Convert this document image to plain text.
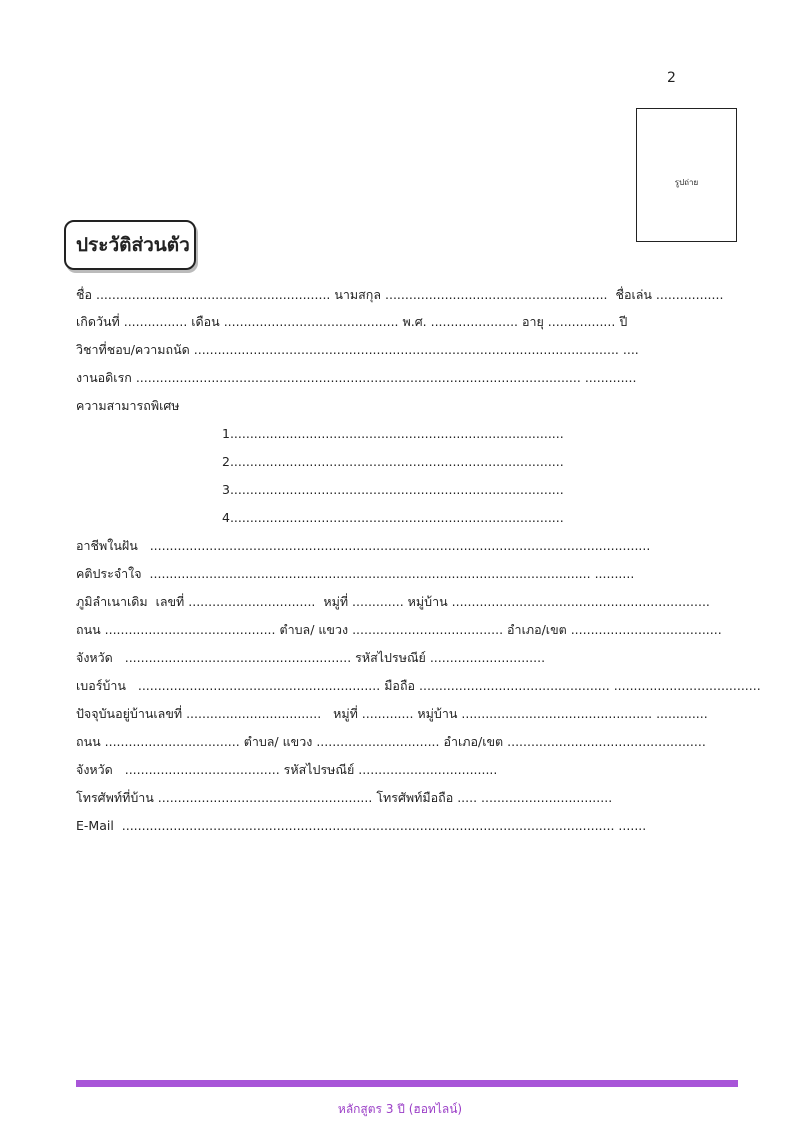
2
รูปถ่าย
ประวัติส่วนตัว
ชื่อ ........................................................... นามสกุล ........................................................  ชื่อเล่น .................
เกิดวันที่ ................ เดือน ............................................ พ.ศ. ...................... อายุ ................. ปี
วิชาที่ชอบ/ความถนัด ........................................................................................................... ....
งานอดิเรก ................................................................................................................ .............
ความสามารถพิเศษ
1....................................................................................
2....................................................................................
3....................................................................................
4....................................................................................
อาชีพในฝัน   ..............................................................................................................................
คติประจำใจ  ............................................................................................................... ..........
ภูมิลำเนาเดิม  เลขที่ ................................  หมู่ที่ ............. หมู่บ้าน .................................................................
ถนน ........................................... ตำบล/ แขวง ...................................... อำเภอ/เขต ......................................
จังหวัด   ......................................................... รหัสไปรษณีย์ .............................
เบอร์บ้าน   ............................................................. มือถือ ................................................ .....................................
ปัจจุบันอยู่บ้านเลขที่ ..................................   หมู่ที่ ............. หมู่บ้าน ................................................ .............
ถนน .................................. ตำบล/ แขวง ............................... อำเภอ/เขต ..................................................
จังหวัด   ....................................... รหัสไปรษณีย์ ...................................
โทรศัพท์ที่บ้าน ...................................................... โทรศัพท์มือถือ ..... .................................
E-Mail  ............................................................................................................................ .......
หลักสูตร 3 ปี (ฮอทไลน์)
